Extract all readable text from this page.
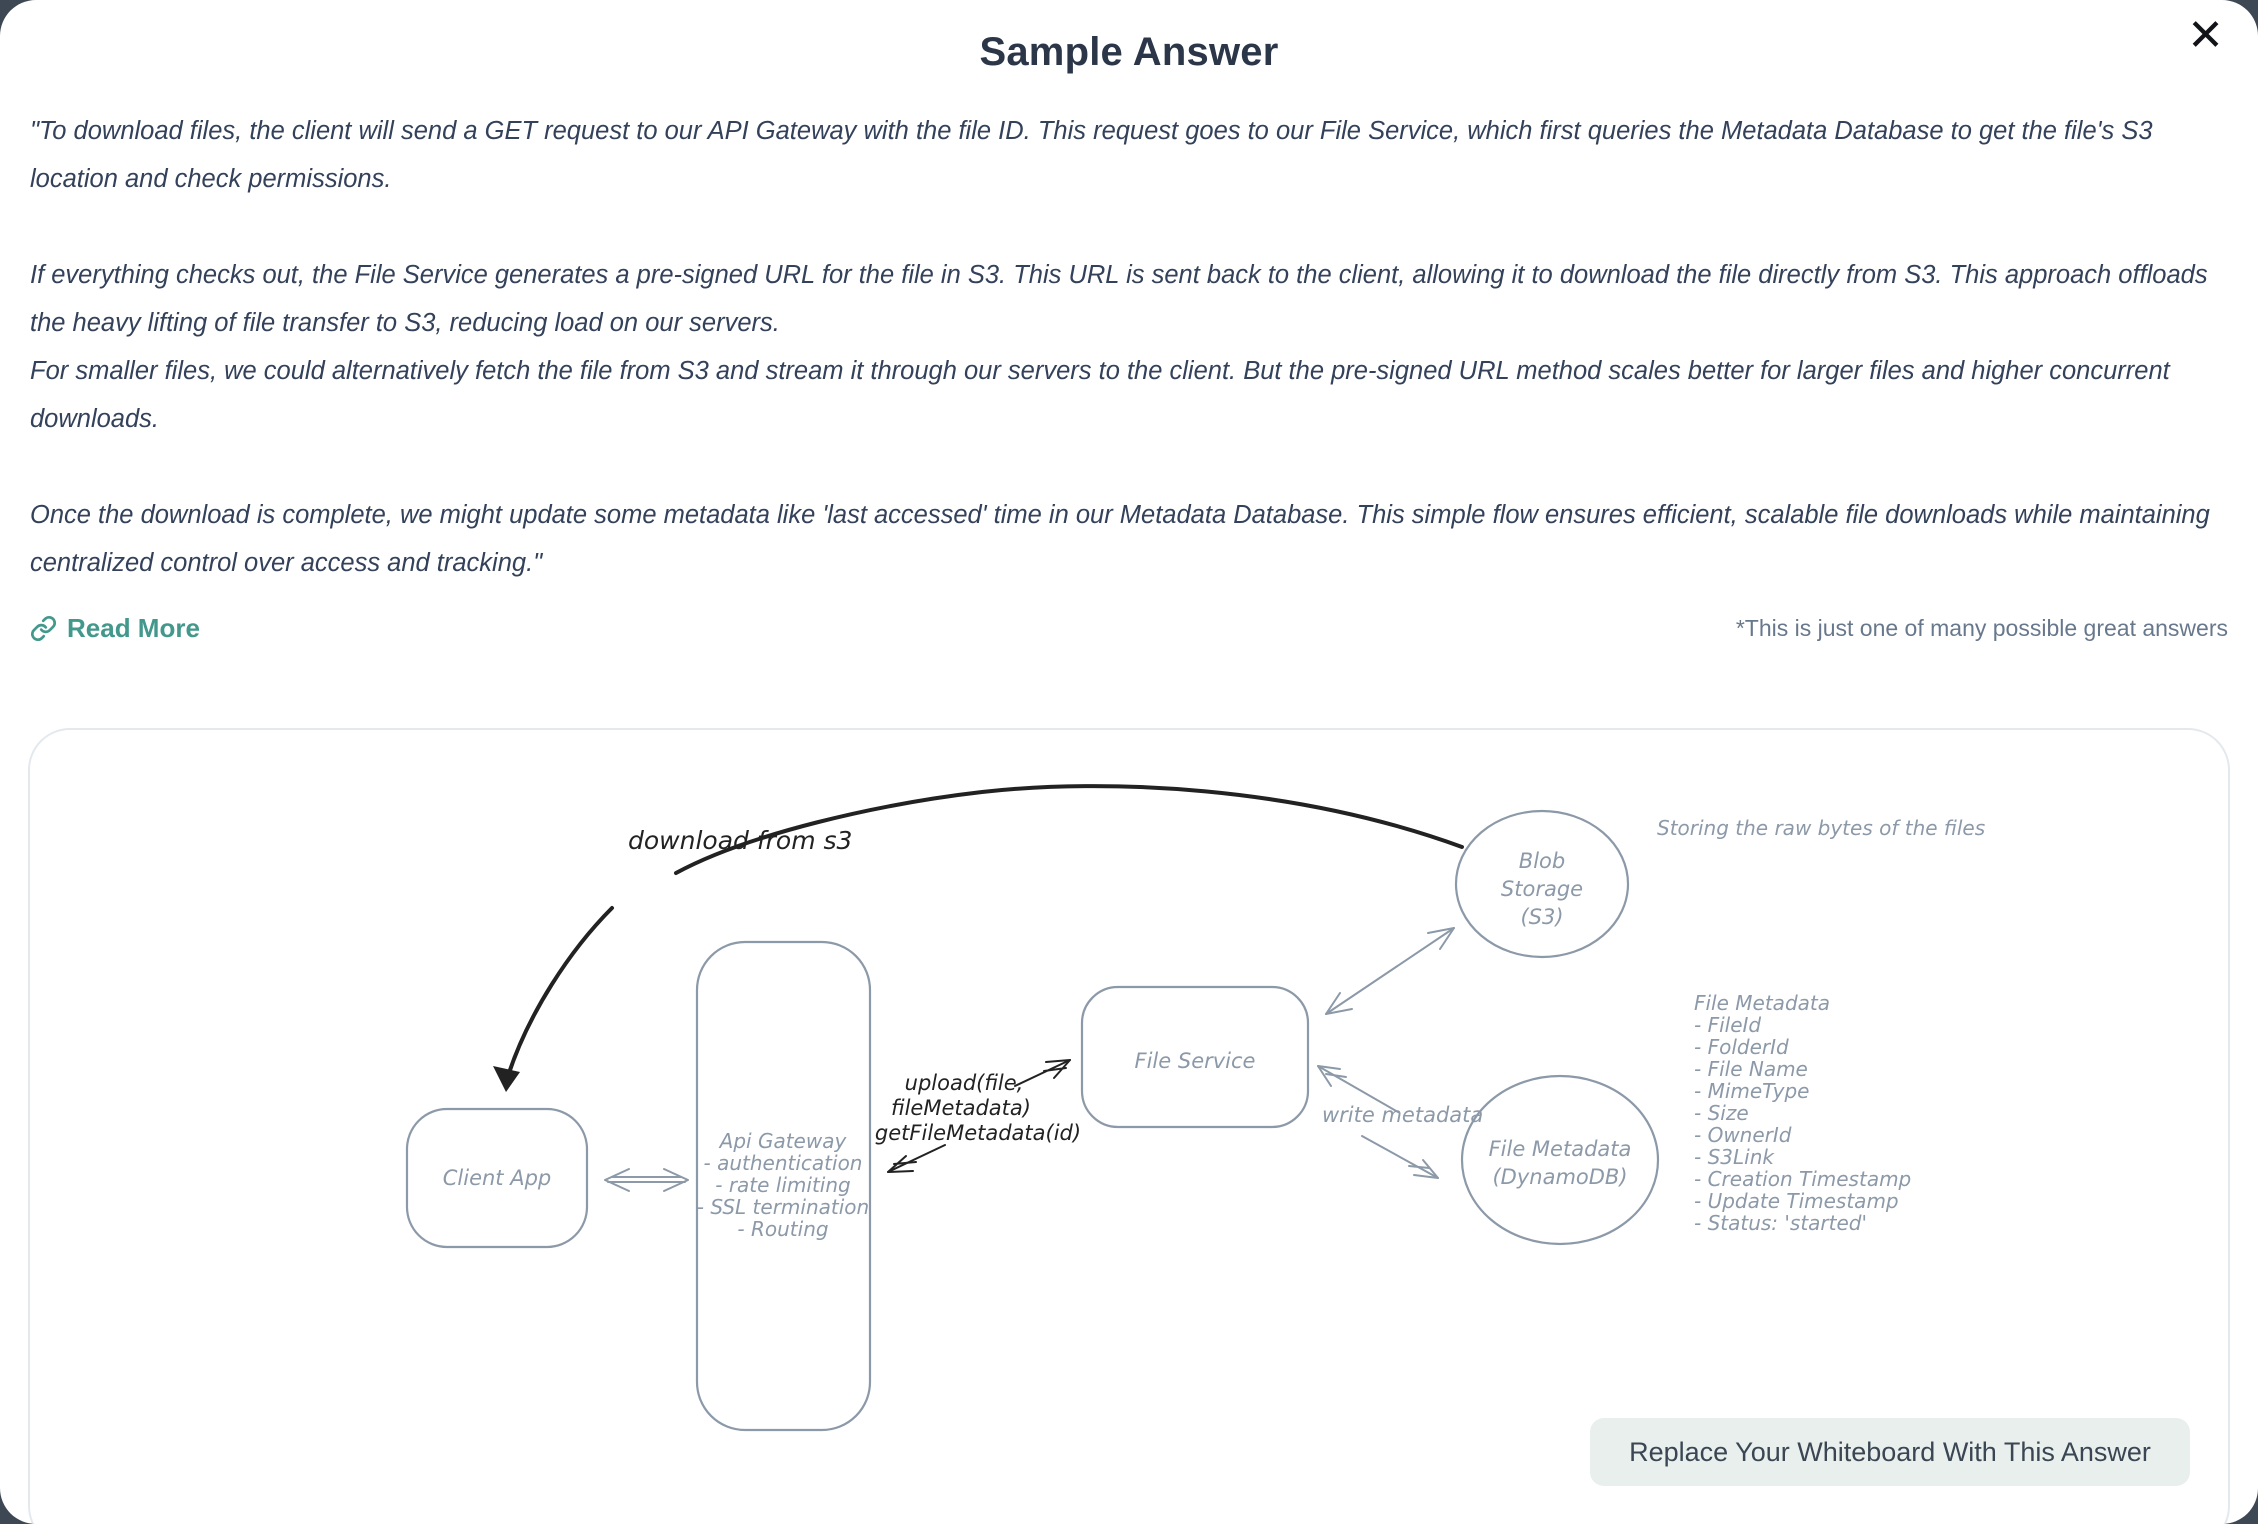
✕
Sample Answer

"To download files, the client will send a GET request to our API Gateway with the file ID. This request goes to our File Service, which first queries the Metadata Database to get the file's S3 location and check permissions.

If everything checks out, the File Service generates a pre-signed URL for the file in S3. This URL is sent back to the client, allowing it to download the file directly from S3. This approach offloads the heavy lifting of file transfer to S3, reducing load on our servers.

For smaller files, we could alternatively fetch the file from S3 and stream it through our servers to the client. But the pre-signed URL method scales better for larger files and higher concurrent downloads.

Once the download is complete, we might update some metadata like 'last accessed' time in our Metadata Database. This simple flow ensures efficient, scalable file downloads while maintaining centralized control over access and tracking."

Read More	*This is just one of many possible great answers
download from s3
Blob
Storage
(S3)
Storing the raw bytes of the files
File Service
upload(file,
fileMetadata)
getFileMetadata(id)
write metadata
File Metadata
(DynamoDB)
File Metadata
- FileId
- FolderId
- File Name
- MimeType
- Size
- OwnerId
- S3Link
- Creation Timestamp
- Update Timestamp
- Status: 'started'
Client App
Api Gateway
- authentication
- rate limiting
- SSL termination
- Routing
Replace Your Whiteboard With This Answer
